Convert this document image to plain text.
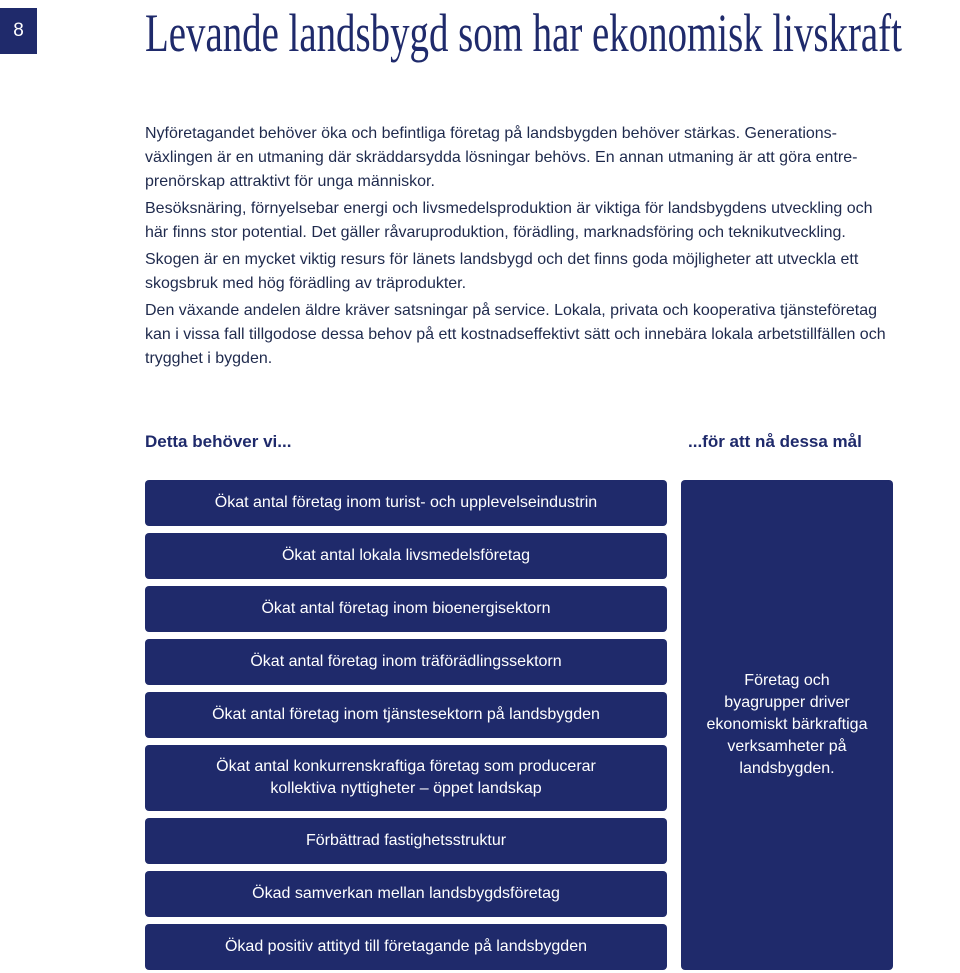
8 Levande landsbygd som har ekonomisk livskraft

Nyföretagandet behöver öka och befintliga företag på landsbygden behöver stärkas. Generations-
växlingen är en utmaning där skräddarsydda lösningar behövs. En annan utmaning är att göra entre-
prenörskap attraktivt för unga människor.

Besöksnäring, förnyelsebar energi och livsmedelsproduktion är viktiga för landsbygdens utveckling och
här finns stor potential. Det gäller råvaruproduktion, förädling, marknadsföring och teknikutveckling.

Skogen är en mycket viktig resurs för länets landsbygd och det finns goda möjligheter att utveckla ett
skogsbruk med hög förädling av träprodukter.

Den växande andelen äldre kräver satsningar på service. Lokala, privata och kooperativa tjänsteföretag
kan i vissa fall tillgodose dessa behov på ett kostnadseffektivt sätt och innebära lokala arbetstillfällen och
trygghet i bygden.

Detta behöver vi...	...för att nå dessa mål
Ökat antal företag inom turist- och upplevelseindustrin
Ökat antal lokala livsmedelsföretag
Ökat antal företag inom bioenergisektorn
Ökat antal företag inom träförädlingssektorn
Ökat antal företag inom tjänstesektorn på landsbygden
Ökat antal konkurrenskraftiga företag som producerar
kollektiva nyttigheter – öppet landskap
Förbättrad fastighetsstruktur
Ökad samverkan mellan landsbygdsföretag
Ökad positiv attityd till företagande på landsbygden
Företag och
byagrupper driver
ekonomiskt bärkraftiga
verksamheter på
landsbygden.
